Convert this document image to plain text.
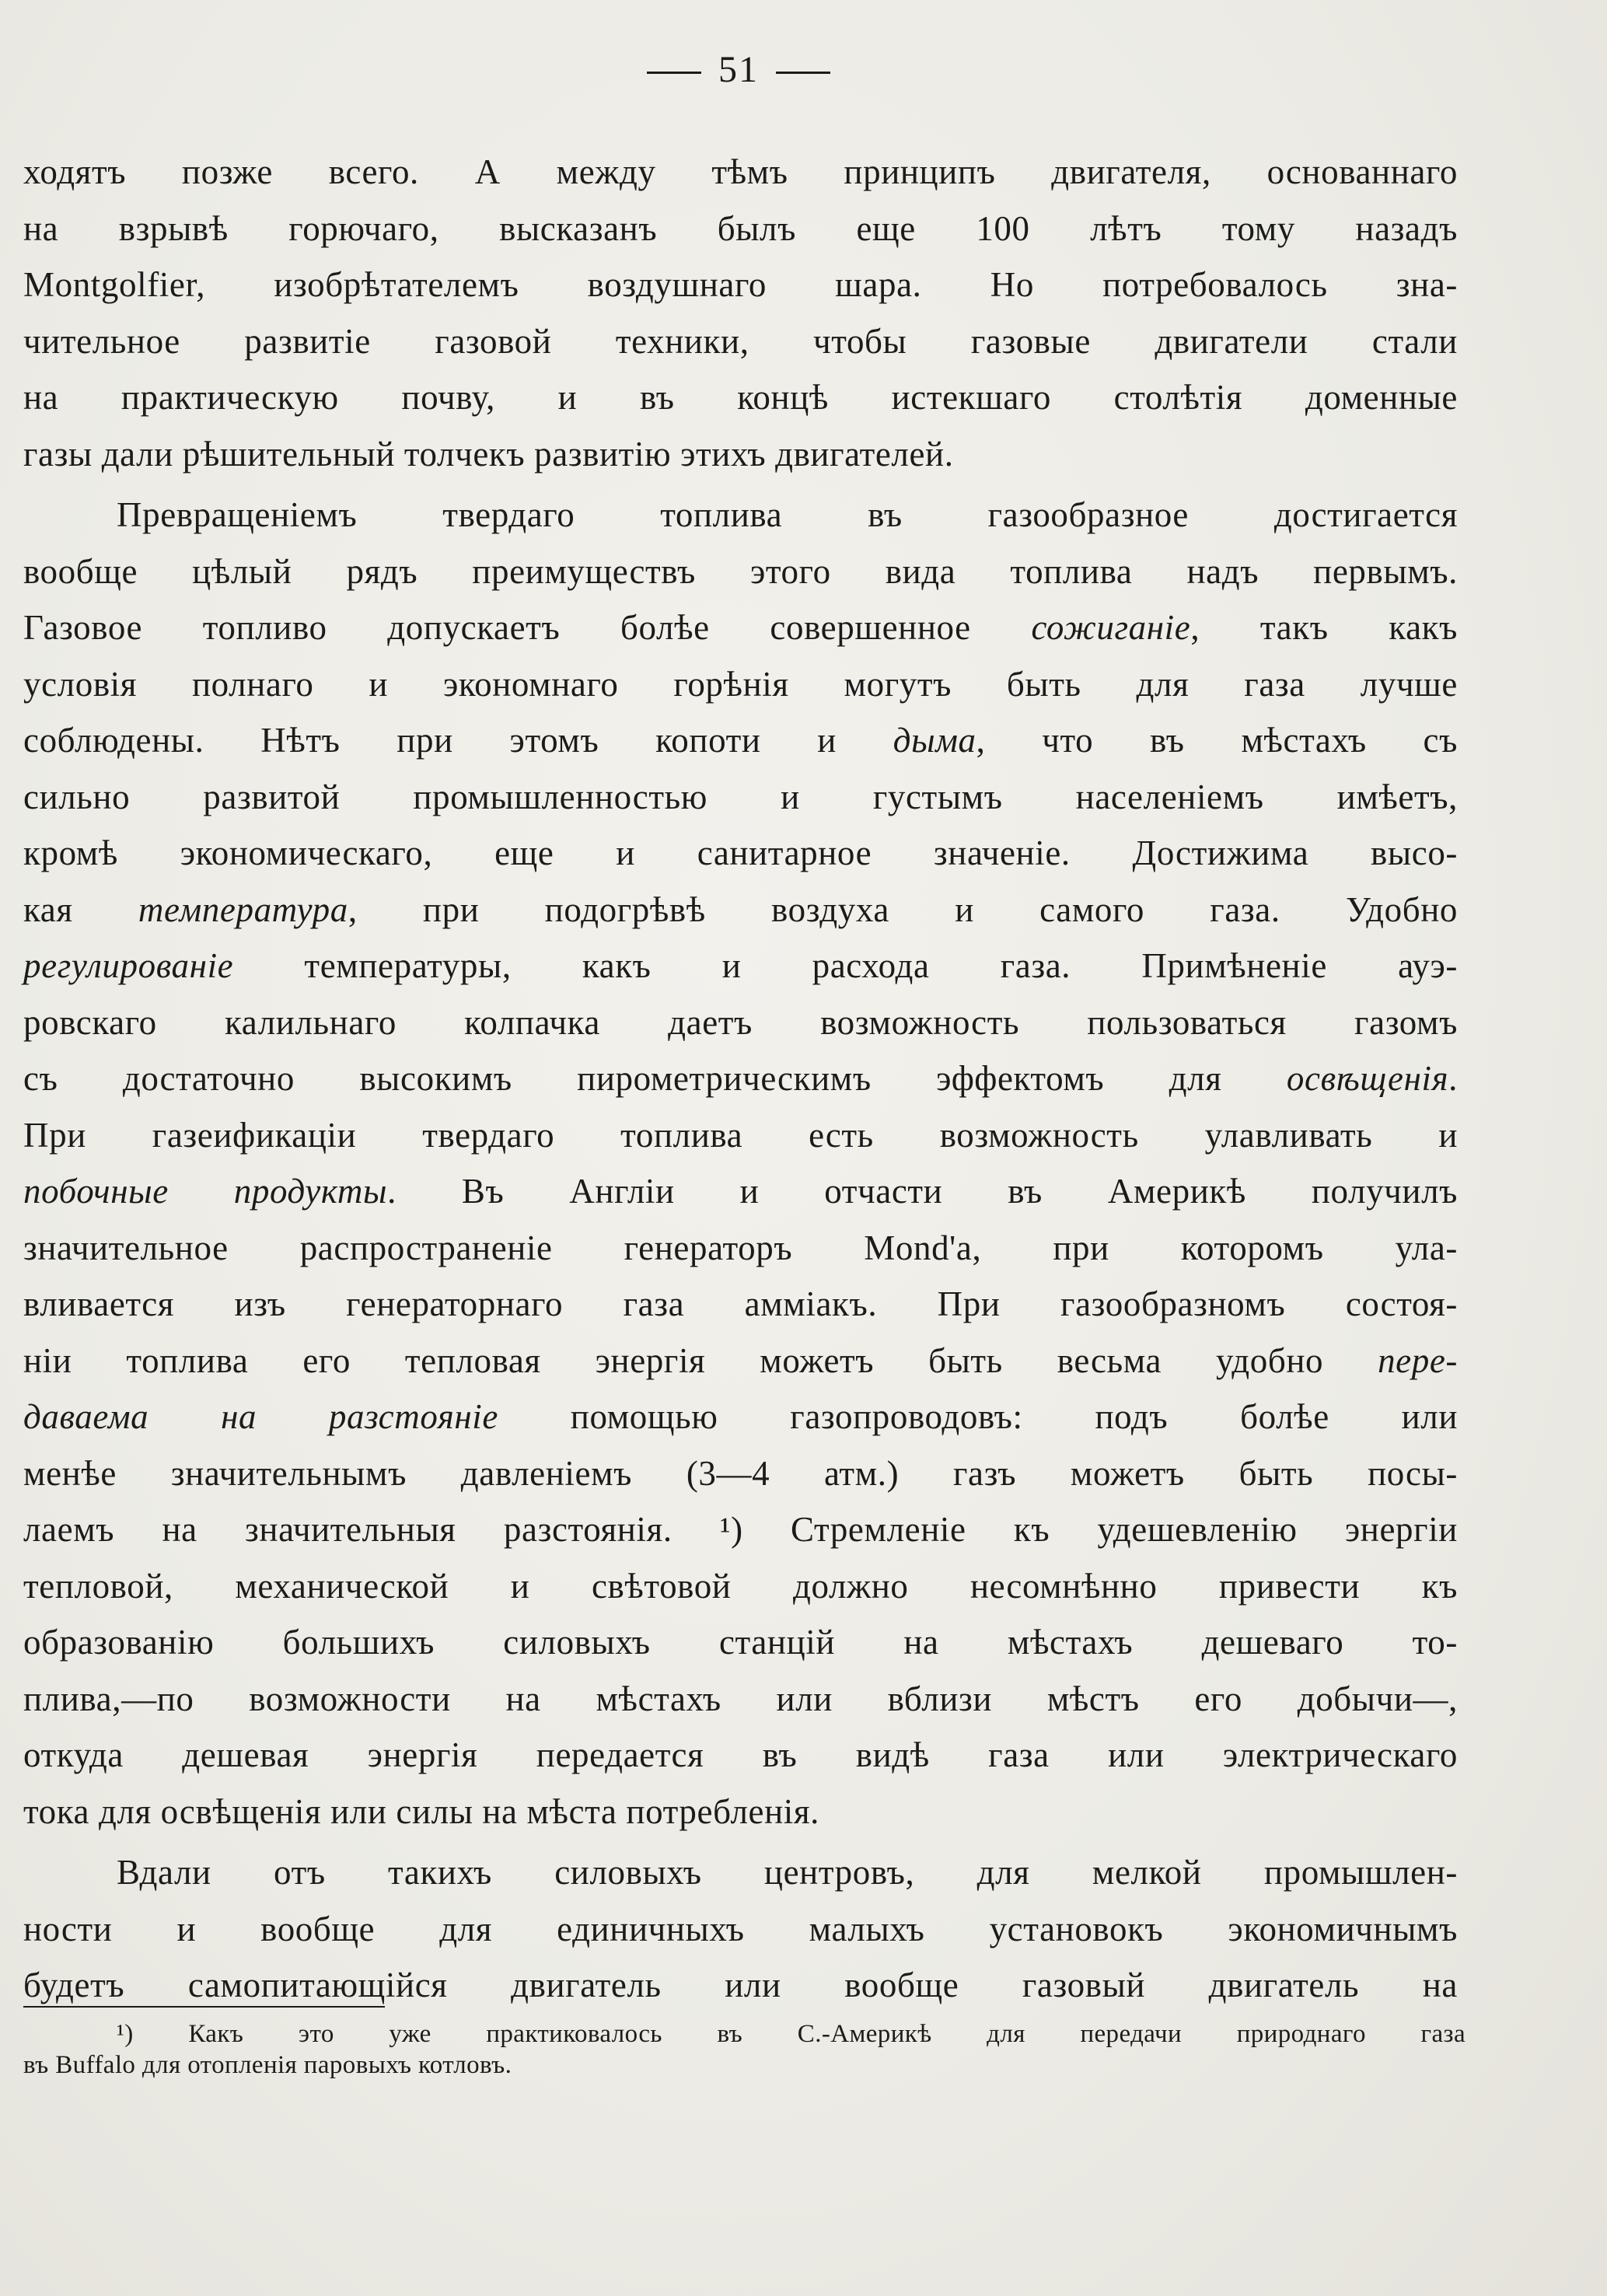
51
ходятъ позже всего. А между тѣмъ принципъ двигателя, основаннаго
на взрывѣ горючаго, высказанъ былъ еще 100 лѣтъ тому назадъ
Montgolfier, изобрѣтателемъ воздушнаго шара. Но потребовалось зна-
чительное развитіе газовой техники, чтобы газовые двигатели стали
на практическую почву, и въ концѣ истекшаго столѣтія доменные
газы дали рѣшительный толчекъ развитію этихъ двигателей.
Превращеніемъ твердаго топлива въ газообразное достигается
вообще цѣлый рядъ преимуществъ этого вида топлива надъ первымъ.
Газовое топливо допускаетъ болѣе совершенное сожиганіе, такъ какъ
условія полнаго и экономнаго горѣнія могутъ быть для газа лучше
соблюдены. Нѣтъ при этомъ копоти и дыма, что въ мѣстахъ съ
сильно развитой промышленностью и густымъ населеніемъ имѣетъ,
кромѣ экономическаго, еще и санитарное значеніе. Достижима высо-
кая температура, при подогрѣвѣ воздуха и самого газа. Удобно
регулированіе температуры, какъ и расхода газа. Примѣненіе ауэ-
ровскаго калильнаго колпачка даетъ возможность пользоваться газомъ
съ достаточно высокимъ пирометрическимъ эффектомъ для освѣщенія.
При газеификаціи твердаго топлива есть возможность улавливать и
побочные продукты. Въ Англіи и отчасти въ Америкѣ получилъ
значительное распространеніе генераторъ Mond'а, при которомъ ула-
вливается изъ генераторнаго газа амміакъ. При газообразномъ состоя-
ніи топлива его тепловая энергія можетъ быть весьма удобно пере-
даваема на разстояніе помощью газопроводовъ: подъ болѣе или
менѣе значительнымъ давленіемъ (3—4 атм.) газъ можетъ быть посы-
лаемъ на значительныя разстоянія. ¹) Стремленіе къ удешевленію энергіи
тепловой, механической и свѣтовой должно несомнѣнно привести къ
образованію большихъ силовыхъ станцій на мѣстахъ дешеваго то-
плива,—по возможности на мѣстахъ или вблизи мѣстъ его добычи—,
откуда дешевая энергія передается въ видѣ газа или электрическаго
тока для освѣщенія или силы на мѣста потребленія.
Вдали отъ такихъ силовыхъ центровъ, для мелкой промышлен-
ности и вообще для единичныхъ малыхъ установокъ экономичнымъ
будетъ самопитающійся двигатель или вообще газовый двигатель на
¹) Какъ это уже практиковалось въ С.-Америкѣ для передачи природнаго газа
въ Buffalo для отопленія паровыхъ котловъ.
